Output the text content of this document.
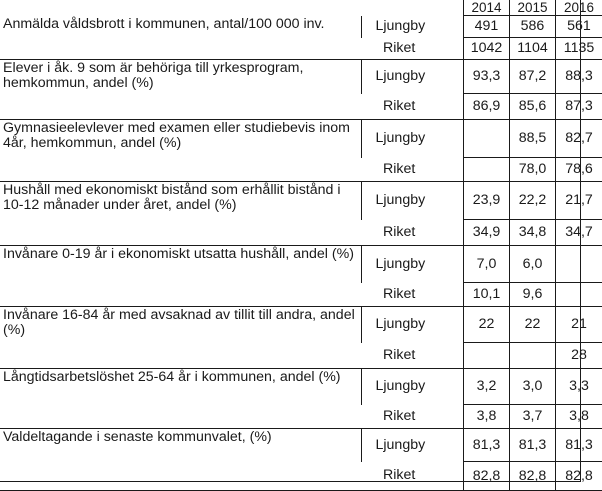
		2014	2015	2016
Anmälda våldsbrott i kommunen, antal/100 000 inv.	Ljungby	491	586	561
	Riket	1042	1104	1135
Elever i åk. 9 som är behöriga till yrkesprogram, hemkommun, andel (%)	Ljungby	93,3	87,2	88,3
	Riket	86,9	85,6	87,3
Gymnasieelevlever med examen eller studiebevis inom 4år, hemkommun, andel (%)	Ljungby		88,5	82,7
	Riket		78,0	78,6
Hushåll med ekonomiskt bistånd som erhållit bistånd i 10-12 månader under året, andel (%)	Ljungby	23,9	22,2	21,7
	Riket	34,9	34,8	34,7
Invånare 0-19 år i ekonomiskt utsatta hushåll, andel (%)	Ljungby	7,0	6,0	
	Riket	10,1	9,6	
Invånare 16-84 år med avsaknad av tillit till andra, andel (%)	Ljungby	22	22	21
	Riket			28
Långtidsarbetslöshet 25-64 år i kommunen, andel (%)	Ljungby	3,2	3,0	3,3
	Riket	3,8	3,7	3,8
Valdeltagande i senaste kommunvalet, (%)	Ljungby	81,3	81,3	81,3
	Riket	82,8	82,8	82,8
